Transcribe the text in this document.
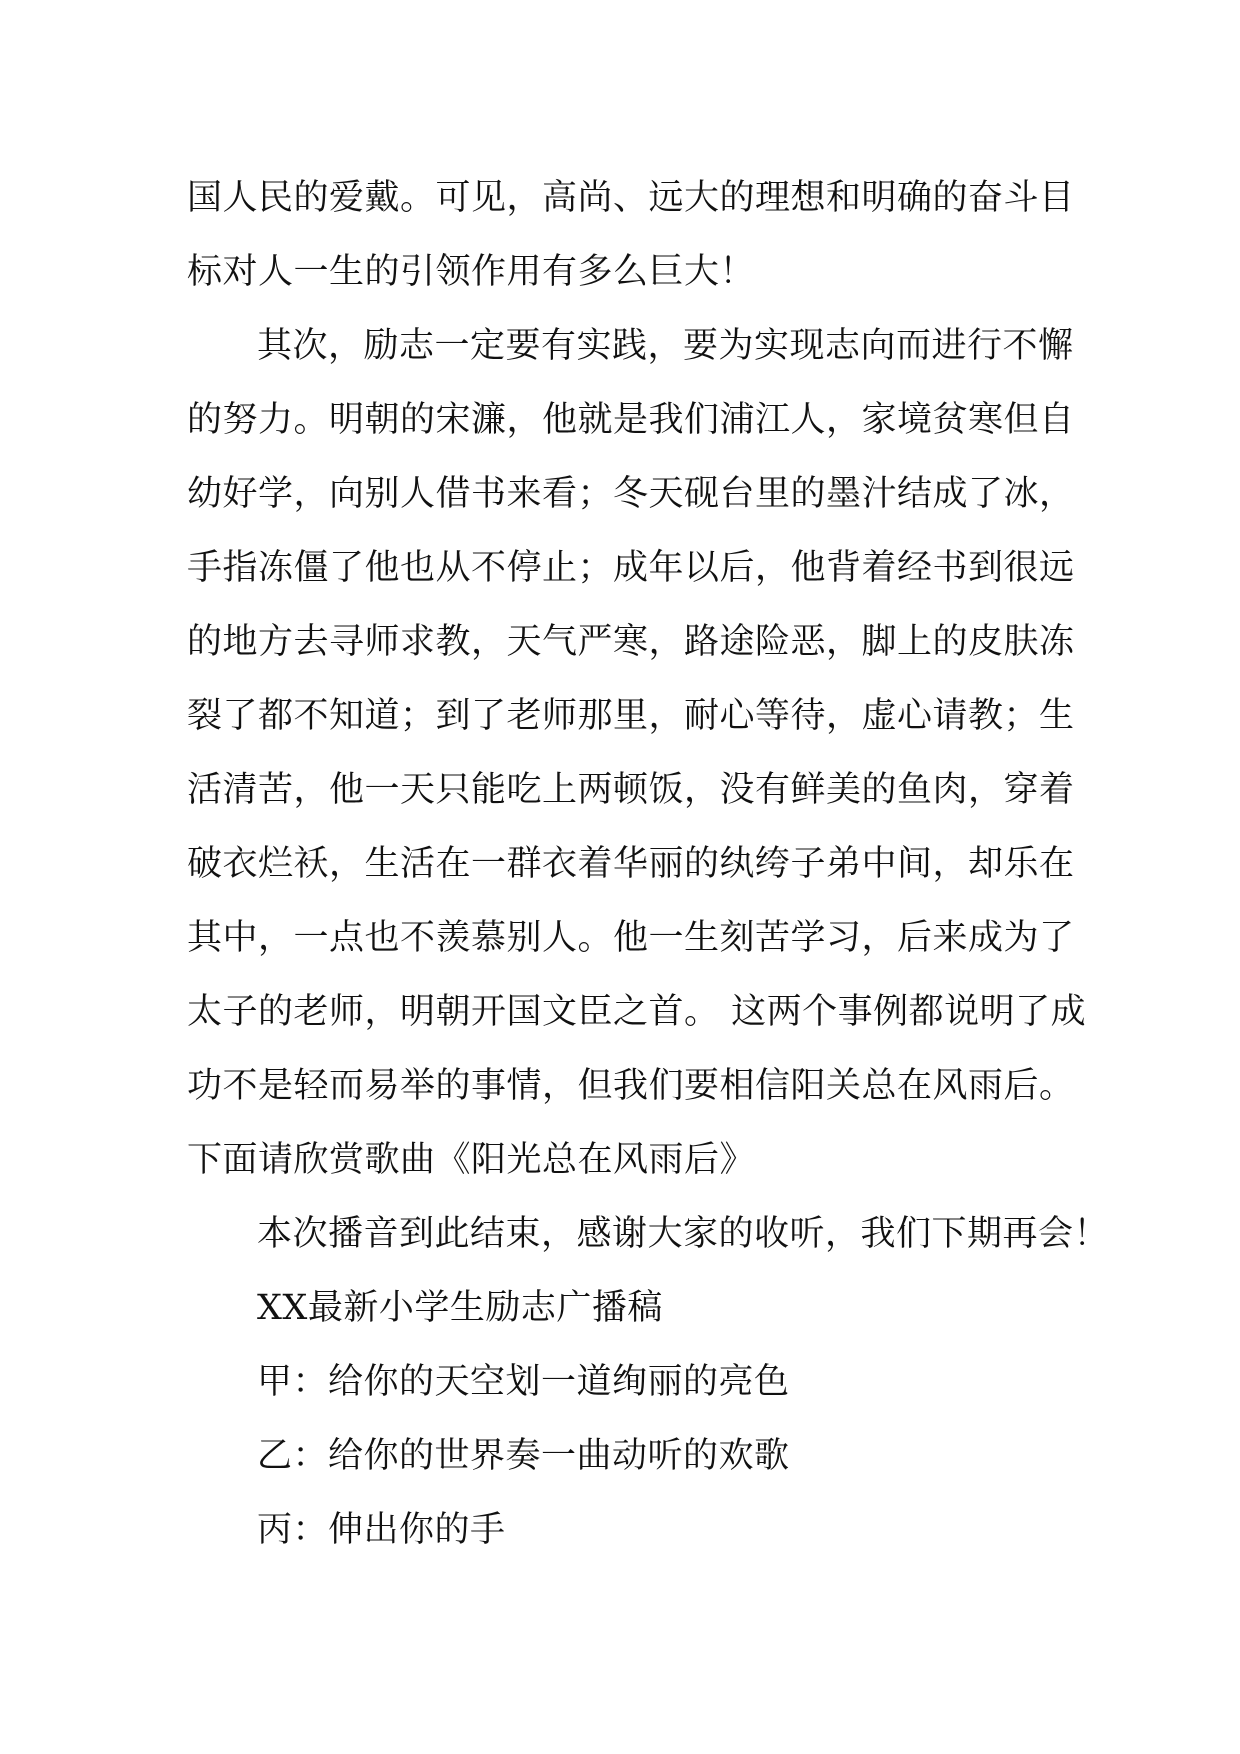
国人民的爱戴。可见，高尚、远大的理想和明确的奋斗目

标对人一生的引领作用有多么巨大！

其次，励志一定要有实践，要为实现志向而进行不懈

的努力。明朝的宋濂，他就是我们浦江人，家境贫寒但自

幼好学，向别人借书来看；冬天砚台里的墨汁结成了冰，

手指冻僵了他也从不停止；成年以后，他背着经书到很远

的地方去寻师求教，天气严寒，路途险恶，脚上的皮肤冻

裂了都不知道；到了老师那里，耐心等待，虚心请教；生

活清苦，他一天只能吃上两顿饭，没有鲜美的鱼肉，穿着

破衣烂袄，生活在一群衣着华丽的纨绔子弟中间，却乐在

其中，一点也不羡慕别人。他一生刻苦学习，后来成为了

太子的老师，明朝开国文臣之首。 这两个事例都说明了成

功不是轻而易举的事情，但我们要相信阳关总在风雨后。

下面请欣赏歌曲《阳光总在风雨后》

本次播音到此结束，感谢大家的收听，我们下期再会！

XX最新小学生励志广播稿

甲：给你的天空划一道绚丽的亮色

乙：给你的世界奏一曲动听的欢歌

丙：伸出你的手
